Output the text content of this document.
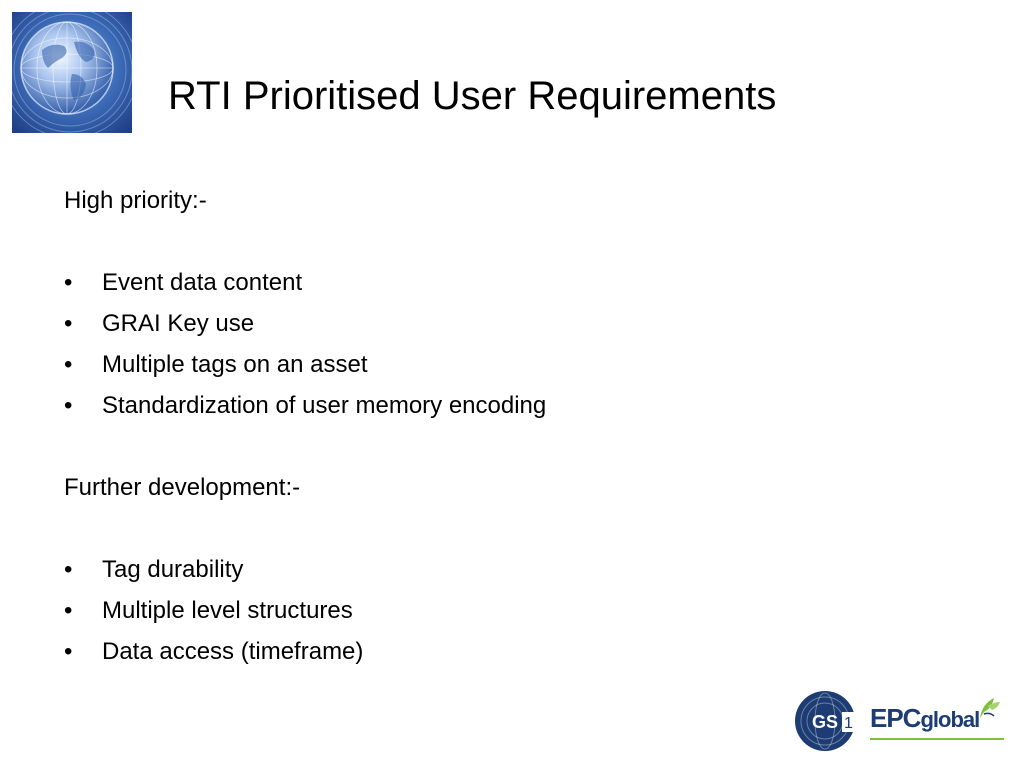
RTI Prioritised User Requirements
High priority:-
• Event data content
• GRAI Key use
• Multiple tags on an asset
• Standardization of user memory encoding
Further development:-
• Tag durability
• Multiple level structures
• Data access (timeframe)
GS 1 EPCglobal
